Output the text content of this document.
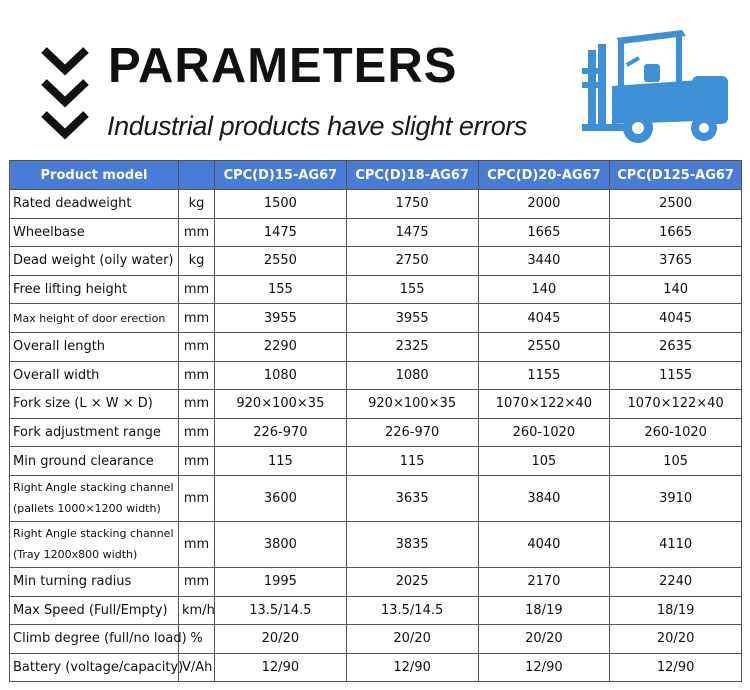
PARAMETERS
Industrial products have slight errors
Product model		CPC(D)15-AG67	CPC(D)18-AG67	CPC(D)20-AG67	CPC(D125-AG67
Rated deadweight	kg	1500	1750	2000	2500
Wheelbase	mm	1475	1475	1665	1665
Dead weight (oily water)	kg	2550	2750	3440	3765
Free lifting height	mm	155	155	140	140
Max height of door erection	mm	3955	3955	4045	4045
Overall length	mm	2290	2325	2550	2635
Overall width	mm	1080	1080	1155	1155
Fork size (L × W × D)	mm	920×100×35	920×100×35	1070×122×40	1070×122×40
Fork adjustment range	mm	226-970	226-970	260-1020	260-1020
Min ground clearance	mm	115	115	105	105

Right Angle stacking channel
(pallets 1000×1200 width)	mm	3600	3635	3840	3910

Right Angle stacking channel
(Tray 1200x800 width)	mm	3800	3835	4040	4110
Min turning radius	mm	1995	2025	2170	2240
Max Speed (Full/Empty)	km/h	13.5/14.5	13.5/14.5	18/19	18/19
Climb degree (full/no load)	%	20/20	20/20	20/20	20/20
Battery (voltage/capacity)	V/Ah	12/90	12/90	12/90	12/90
